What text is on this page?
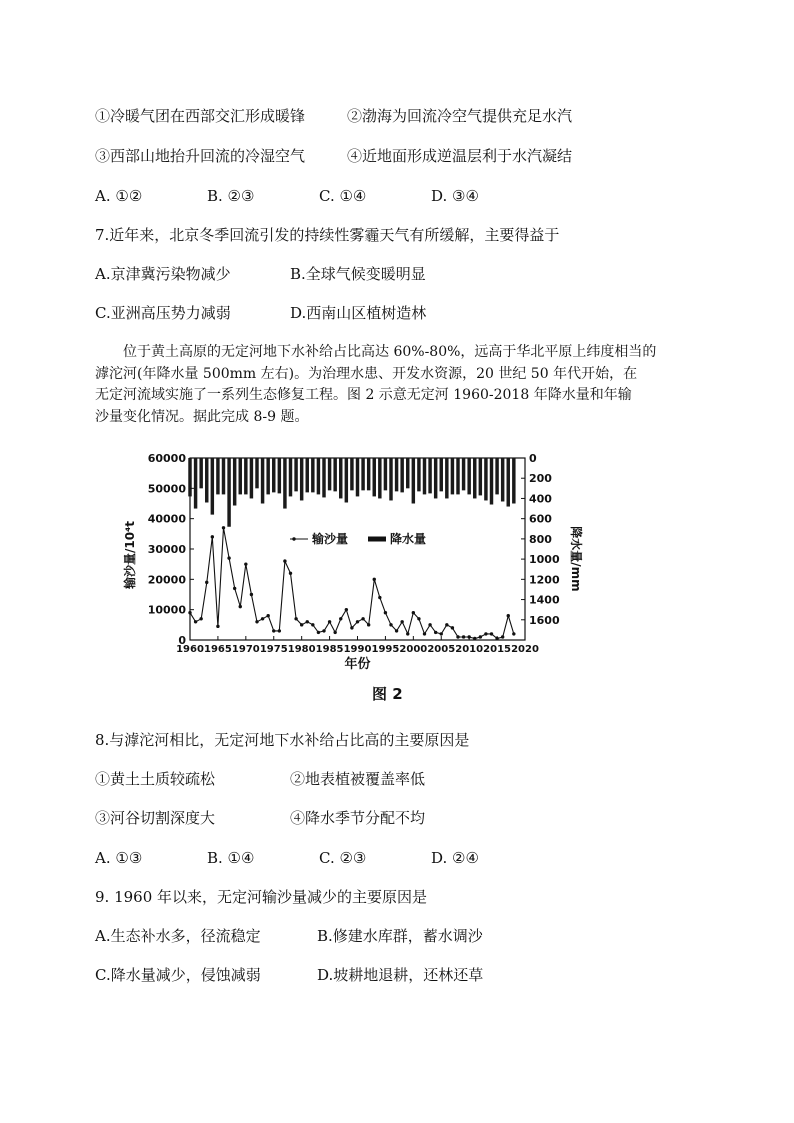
①冷暖气团在西部交汇形成暖锋	②渤海为回流冷空气提供充足水汽
③西部山地抬升回流的冷湿空气	④近地面形成逆温层利于水汽凝结
A. ①②	B. ②③	C. ①④	D. ③④
7.近年来，北京冬季回流引发的持续性雾霾天气有所缓解，主要得益于
A.京津冀污染物减少	B.全球气候变暖明显
C.亚洲高压势力减弱	D.西南山区植树造林
位于黄土高原的无定河地下水补给占比高达 60%-80%，远高于华北平原上纬度相当的
滹沱河(年降水量 500mm 左右)。为治理水患、开发水资源，20 世纪 50 年代开始，在
无定河流域实施了一系列生态修复工程。图 2 示意无定河 1960-2018 年降水量和年输
沙量变化情况。据此完成 8-9 题。
0
10000
20000
30000
40000
50000
60000	0
200
400
600
800
1000
1200
1400
1600
1960 1965 1970 1975 1980 1985 1990 1995 2000 2005 2010 2015 2020
年份
输沙量/10⁴t	降水量/mm
输沙量	降水量
图 2
8.与滹沱河相比，无定河地下水补给占比高的主要原因是
①黄土土质较疏松	②地表植被覆盖率低
③河谷切割深度大	④降水季节分配不均
A. ①③	B. ①④	C. ②③	D. ②④
9. 1960 年以来，无定河输沙量减少的主要原因是
A.生态补水多，径流稳定	B.修建水库群，蓄水调沙
C.降水量减少，侵蚀减弱	D.坡耕地退耕，还林还草
